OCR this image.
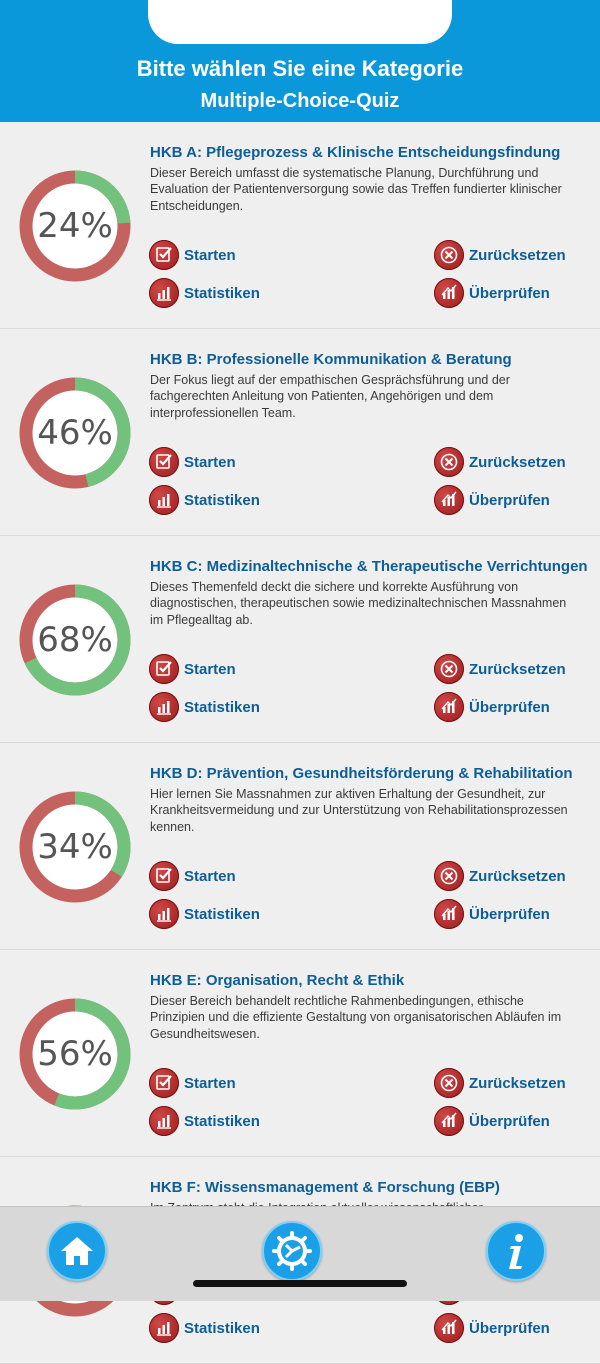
Bitte wählen Sie eine Kategorie
Multiple-Choice-Quiz
24%
HKB A: Pflegeprozess & Klinische Entscheidungsfindung
Dieser Bereich umfasst die systematische Planung, Durchführung und Evaluation der Patientenversorgung sowie das Treffen fundierter klinischer Entscheidungen.
Starten	Zurücksetzen
Statistiken	Überprüfen
46%
HKB B: Professionelle Kommunikation & Beratung
Der Fokus liegt auf der empathischen Gesprächsführung und der fachgerechten Anleitung von Patienten, Angehörigen und dem interprofessionellen Team.
Starten	Zurücksetzen
Statistiken	Überprüfen
68%
HKB C: Medizinaltechnische & Therapeutische Verrichtungen
Dieses Themenfeld deckt die sichere und korrekte Ausführung von diagnostischen, therapeutischen sowie medizinaltechnischen Massnahmen im Pflegealltag ab.
Starten	Zurücksetzen
Statistiken	Überprüfen
34%
HKB D: Prävention, Gesundheitsförderung & Rehabilitation
Hier lernen Sie Massnahmen zur aktiven Erhaltung der Gesundheit, zur Krankheitsvermeidung und zur Unterstützung von Rehabilitationsprozessen kennen.
Starten	Zurücksetzen
Statistiken	Überprüfen
56%
HKB E: Organisation, Recht & Ethik
Dieser Bereich behandelt rechtliche Rahmenbedingungen, ethische Prinzipien und die effiziente Gestaltung von organisatorischen Abläufen im Gesundheitswesen.
Starten	Zurücksetzen
Statistiken	Überprüfen
HKB F: Wissensmanagement & Forschung (EBP)
Statistiken	Überprüfen
